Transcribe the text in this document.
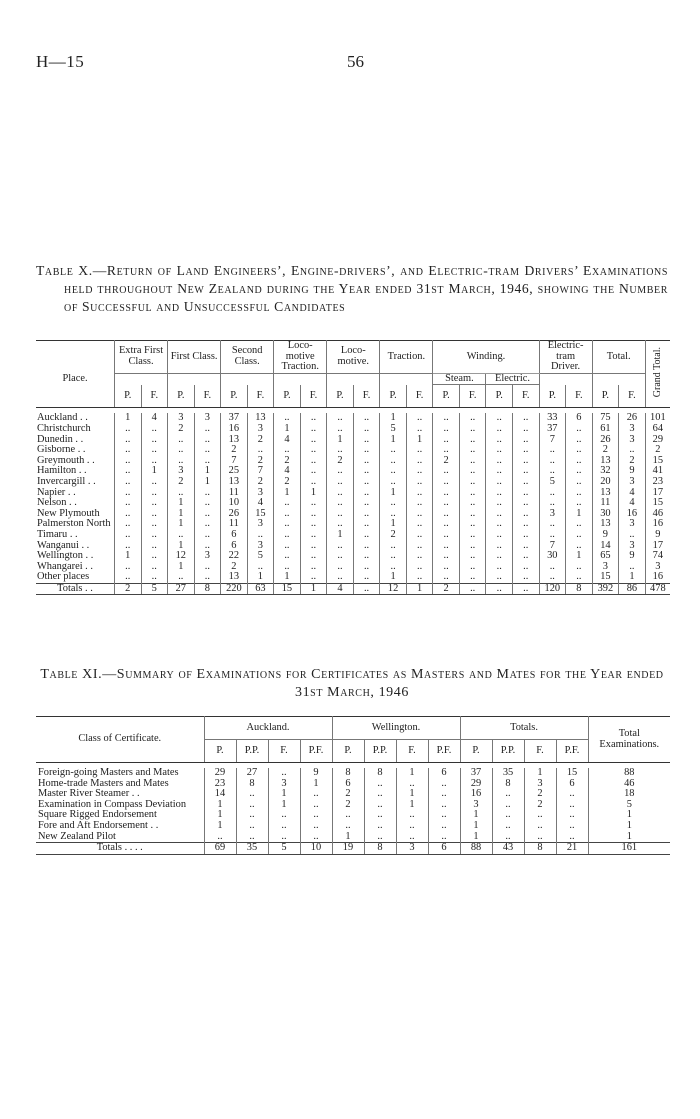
H—15	56
Table X.—Return of Land Engineers’, Engine-drivers’, and Electric-tram Drivers’ Examinations held throughout New Zealand during the Year ended 31st March, 1946, showing the Number of Successful and Unsuccessful Candidates
Place.	Extra First Class.		First Class.		Second Class.		Loco-motive Traction.		Loco-motive.		Traction.		Winding.				Electric-tram Driver.		Total.		Grand Total.
													Steam.		Electric.						
	P.	F.	P.	F.	P.	F.	P.	F.	P.	F.	P.	F.	P.	F.	P.	F.	P.	F.	P.	F.	

Auckland . .	1	4	3	3	37	13	..	..	..	..	1	..	..	..	..	..	33	6	75	26	101
Christchurch	..	..	2	..	16	3	1	..	..	..	5	..	..	..	..	..	37	..	61	3	64
Dunedin . .	..	..	..	..	13	2	4	..	1	..	1	1	..	..	..	..	7	..	26	3	29
Gisborne . .	..	..	..	..	2	..	..	..	..	..	..	..	..	..	..	..	..	..	2	..	2
Greymouth . .	..	..	..	..	7	2	2	..	2	..	..	..	2	..	..	..	..	..	13	2	15
Hamilton . .	..	1	3	1	25	7	4	..	..	..	..	..	..	..	..	..	..	..	32	9	41
Invercargill . .	..	..	2	1	13	2	2	..	..	..	..	..	..	..	..	..	5	..	20	3	23
Napier . .	..	..	..	..	11	3	1	1	..	..	1	..	..	..	..	..	..	..	13	4	17
Nelson . .	..	..	1	..	10	4	..	..	..	..	..	..	..	..	..	..	..	..	11	4	15
New Plymouth	..	..	1	..	26	15	..	..	..	..	..	..	..	..	..	..	3	1	30	16	46
Palmerston North	..	..	1	..	11	3	..	..	..	..	1	..	..	..	..	..	..	..	13	3	16
Timaru . .	..	..	..	..	6	..	..	..	1	..	2	..	..	..	..	..	..	..	9	..	9
Wanganui . .	..	..	1	..	6	3	..	..	..	..	..	..	..	..	..	..	7	..	14	3	17
Wellington . .	1	..	12	3	22	5	..	..	..	..	..	..	..	..	..	..	30	1	65	9	74
Whangarei . .	..	..	1	..	2	..	..	..	..	..	..	..	..	..	..	..	..	..	3	..	3
Other places	..	..	..	..	13	1	1	..	..	..	1	..	..	..	..	..	..	..	15	1	16
Totals . .	2	5	27	8	220	63	15	1	4	..	12	1	2	..	..	..	120	8	392	86	478
Table XI.—Summary of Examinations for Certificates as Masters and Mates for the Year ended 31st March, 1946
Class of Certificate.	Auckland.				Wellington.				Totals.				Total Examinations.
	P.	P.P.	F.	P.F.	P.	P.P.	F.	P.F.	P.	P.P.	F.	P.F.	

Foreign-going Masters and Mates	29	27	..	9	8	8	1	6	37	35	1	15	88
Home-trade Masters and Mates	23	8	3	1	6	..	..	..	29	8	3	6	46
Master River Steamer . .	14	..	1	..	2	..	1	..	16	..	2	..	18
Examination in Compass Deviation	1	..	1	..	2	..	1	..	3	..	2	..	5
Square Rigged Endorsement	1	..	..	..	..	..	..	..	1	..	..	..	1
Fore and Aft Endorsement . .	1	..	..	..	..	..	..	..	1	..	..	..	1
New Zealand Pilot	..	..	..	..	1	..	..	..	1	..	..	..	1
Totals . . . .	69	35	5	10	19	8	3	6	88	43	8	21	161
